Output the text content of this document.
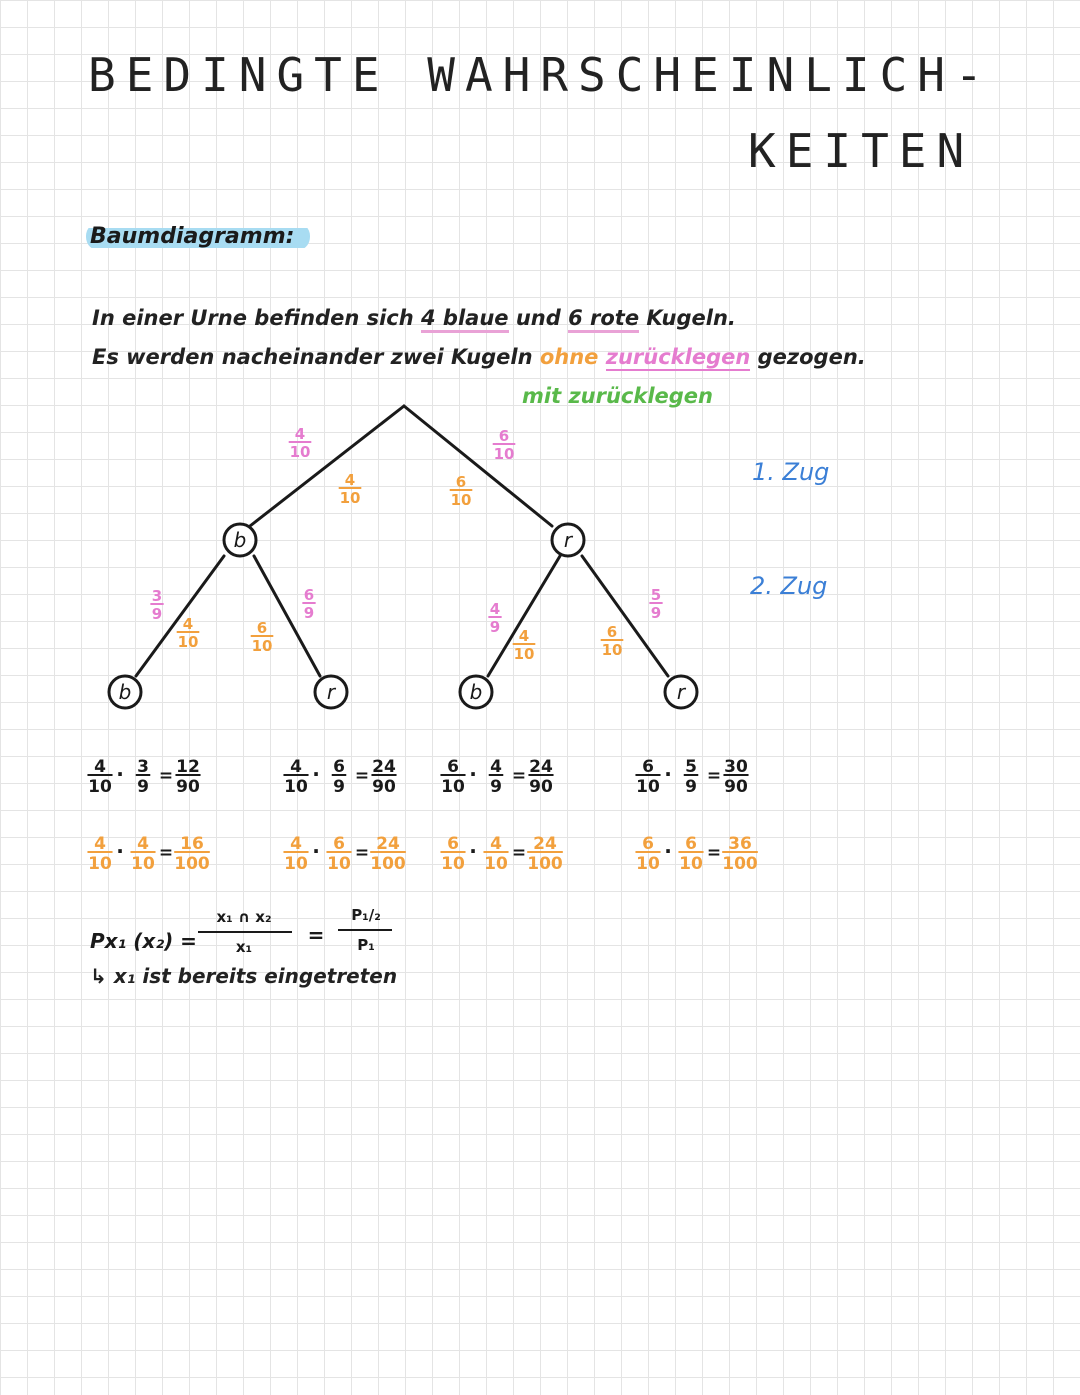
BEDINGTE WAHRSCHEINLICH-
KEITEN
Baumdiagramm:
In einer Urne befinden sich 4 blaue und 6 rote Kugeln.
Es werden nacheinander zwei Kugeln ohne zurücklegen gezogen.
mit zurücklegen
1. Zug
2. Zug
b	r
b	r	b	r
4
10
4
10
6
10
6
10
3
9
4
10
6
9
6
10
4
9 4
10
5
9
6
10
4
10
· 3
9
= 12
90
4
10
· 6
9
= 24
90
6
10
· 4
9
= 24
90
6
10
· 5
9
= 30
90
4
10
· 4
10
= 16
100
4
10
· 6
10
= 24
100
6
10
· 4
10
= 24
100
6
10
· 6
10
= 36
100
Px₁ (x₂) =
x₁ ∩ x₂
x₁	=
P₁/₂
P₁
↳ x₁ ist bereits eingetreten
